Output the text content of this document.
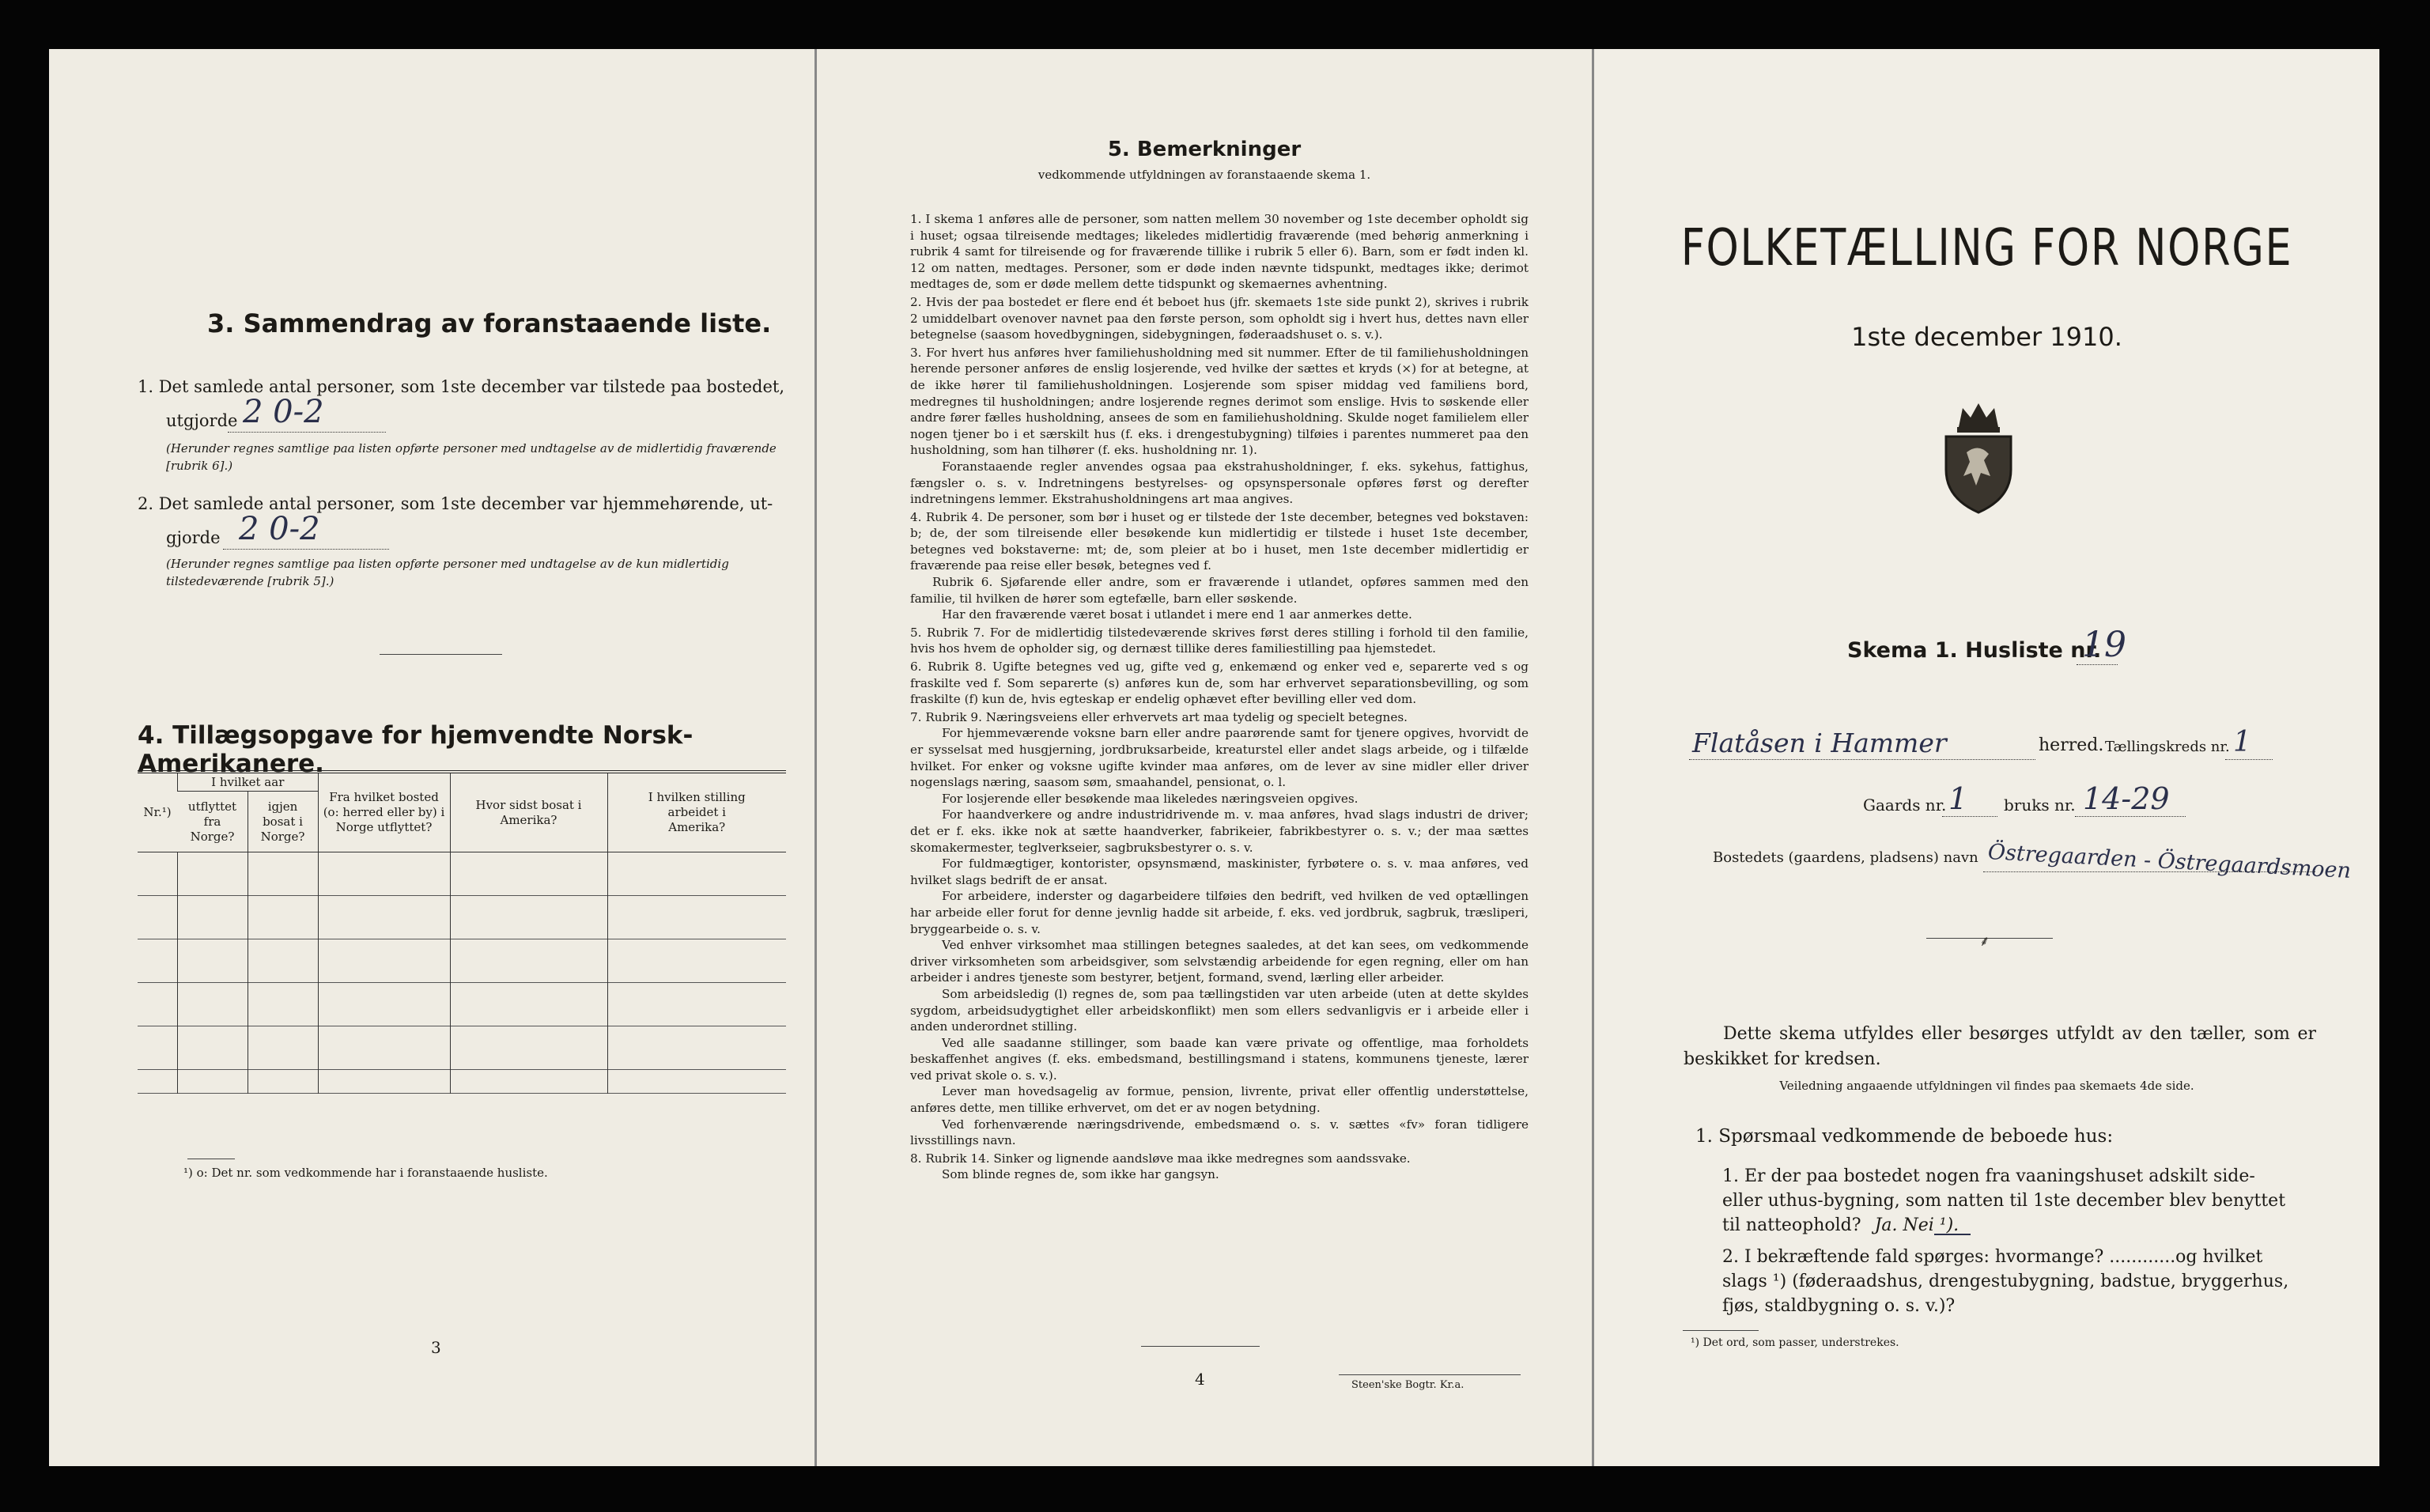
3. Sammendrag av foranstaaende liste.
1. Det samlede antal personer, som 1ste december var tilstede paa bostedet,
utgjorde 2 0-2
(Herunder regnes samtlige paa listen opførte personer med undtagelse av de midlertidig fraværende [rubrik 6].)
2. Det samlede antal personer, som 1ste december var hjemmehørende, ut-
gjorde 2 0-2
(Herunder regnes samtlige paa listen opførte personer med undtagelse av de kun midlertidig tilstedeværende [rubrik 5].)
4. Tillægsopgave for hjemvendte Norsk-Amerikanere.
Nr.¹)	I hvilket aar		Fra hvilket bosted (o: herred eller by) i Norge utflyttet?	Hvor sidst bosat i Amerika?	I hvilken stilling arbeidet i Amerika?
	utflyttet fra Norge?	igjen bosat i Norge?			

¹) o: Det nr. som vedkommende har i foranstaaende husliste.
3
5. Bemerkninger
vedkommende utfyldningen av foranstaaende skema 1.

1. I skema 1 anføres alle de personer, som natten mellem 30 november og 1ste december opholdt sig i huset; ogsaa tilreisende medtages; likeledes midlertidig fraværende (med behørig anmerkning i rubrik 4 samt for tilreisende og for fraværende tillike i rubrik 5 eller 6). Barn, som er født inden kl. 12 om natten, medtages. Personer, som er døde inden nævnte tidspunkt, medtages ikke; derimot medtages de, som er døde mellem dette tidspunkt og skemaernes avhentning.

2. Hvis der paa bostedet er flere end ét beboet hus (jfr. skemaets 1ste side punkt 2), skrives i rubrik 2 umiddelbart ovenover navnet paa den første person, som opholdt sig i hvert hus, dettes navn eller betegnelse (saasom hovedbygningen, sidebygningen, føderaadshuset o. s. v.).

3. For hvert hus anføres hver familiehusholdning med sit nummer. Efter de til familiehusholdningen herende personer anføres de enslig losjerende, ved hvilke der sættes et kryds (×) for at betegne, at de ikke hører til familiehusholdningen. Losjerende som spiser middag ved familiens bord, medregnes til husholdningen; andre losjerende regnes derimot som enslige. Hvis to søskende eller andre fører fælles husholdning, ansees de som en familiehusholdning. Skulde noget familielem eller nogen tjener bo i et særskilt hus (f. eks. i drengestubygning) tilføies i parentes nummeret paa den husholdning, som han tilhører (f. eks. husholdning nr. 1).

Foranstaaende regler anvendes ogsaa paa ekstrahusholdninger, f. eks. sykehus, fattighus, fængsler o. s. v. Indretningens bestyrelses- og opsynspersonale opføres først og derefter indretningens lemmer. Ekstrahusholdningens art maa angives.

4. Rubrik 4. De personer, som bør i huset og er tilstede der 1ste december, betegnes ved bokstaven: b; de, der som tilreisende eller besøkende kun midlertidig er tilstede i huset 1ste december, betegnes ved bokstaverne: mt; de, som pleier at bo i huset, men 1ste december midlertidig er fraværende paa reise eller besøk, betegnes ved f.

Rubrik 6. Sjøfarende eller andre, som er fraværende i utlandet, opføres sammen med den familie, til hvilken de hører som egtefælle, barn eller søskende.

Har den fraværende været bosat i utlandet i mere end 1 aar anmerkes dette.

5. Rubrik 7. For de midlertidig tilstedeværende skrives først deres stilling i forhold til den familie, hvis hos hvem de opholder sig, og dernæst tillike deres familiestilling paa hjemstedet.

6. Rubrik 8. Ugifte betegnes ved ug, gifte ved g, enkemænd og enker ved e, separerte ved s og fraskilte ved f. Som separerte (s) anføres kun de, som har erhvervet separationsbevilling, og som fraskilte (f) kun de, hvis egteskap er endelig ophævet efter bevilling eller ved dom.

7. Rubrik 9. Næringsveiens eller erhvervets art maa tydelig og specielt betegnes.

For hjemmeværende voksne barn eller andre paarørende samt for tjenere opgives, hvorvidt de er sysselsat med husgjerning, jordbruksarbeide, kreaturstel eller andet slags arbeide, og i tilfælde hvilket. For enker og voksne ugifte kvinder maa anføres, om de lever av sine midler eller driver nogenslags næring, saasom søm, smaahandel, pensionat, o. l.

For losjerende eller besøkende maa likeledes næringsveien opgives.

For haandverkere og andre industridrivende m. v. maa anføres, hvad slags industri de driver; det er f. eks. ikke nok at sætte haandverker, fabrikeier, fabrikbestyrer o. s. v.; der maa sættes skomakermester, teglverkseier, sagbruksbestyrer o. s. v.

For fuldmægtiger, kontorister, opsynsmænd, maskinister, fyrbøtere o. s. v. maa anføres, ved hvilket slags bedrift de er ansat.

For arbeidere, inderster og dagarbeidere tilføies den bedrift, ved hvilken de ved optællingen har arbeide eller forut for denne jevnlig hadde sit arbeide, f. eks. ved jordbruk, sagbruk, træsliperi, bryggearbeide o. s. v.

Ved enhver virksomhet maa stillingen betegnes saaledes, at det kan sees, om vedkommende driver virksomheten som arbeidsgiver, som selvstændig arbeidende for egen regning, eller om han arbeider i andres tjeneste som bestyrer, betjent, formand, svend, lærling eller arbeider.

Som arbeidsledig (l) regnes de, som paa tællingstiden var uten arbeide (uten at dette skyldes sygdom, arbeidsudygtighet eller arbeidskonflikt) men som ellers sedvanligvis er i arbeide eller i anden underordnet stilling.

Ved alle saadanne stillinger, som baade kan være private og offentlige, maa forholdets beskaffenhet angives (f. eks. embedsmand, bestillingsmand i statens, kommunens tjeneste, lærer ved privat skole o. s. v.).

Lever man hovedsagelig av formue, pension, livrente, privat eller offentlig understøttelse, anføres dette, men tillike erhvervet, om det er av nogen betydning.

Ved forhenværende næringsdrivende, embedsmænd o. s. v. sættes «fv» foran tidligere livsstillings navn.

8. Rubrik 14. Sinker og lignende aandsløve maa ikke medregnes som aandssvake.

Som blinde regnes de, som ikke har gangsyn.

4	Steen'ske Bogtr. Kr.a.
FOLKETÆLLING FOR NORGE
1ste december 1910.
Skema 1. Husliste nr.
19
Flatåsen i Hammer	herred. Tællingskreds nr. 1
Gaards nr. 1 bruks nr. 14-29
Bostedets (gaardens, pladsens) navn Östregaarden - Östregaardsmoen
⸙
Dette skema utfyldes eller besørges utfyldt av den tæller, som er beskikket for kredsen.
Veiledning angaaende utfyldningen vil findes paa skemaets 4de side.
1. Spørsmaal vedkommende de beboede hus:
1. Er der paa bostedet nogen fra vaaningshuset adskilt side- eller uthus-bygning, som natten til 1ste december blev benyttet til natteophold? Ja. Nei ¹).
2. I bekræftende fald spørges: hvormange? ............og hvilket slags ¹) (føderaadshus, drengestubygning, badstue, bryggerhus, fjøs, staldbygning o. s. v.)?
¹) Det ord, som passer, understrekes.
